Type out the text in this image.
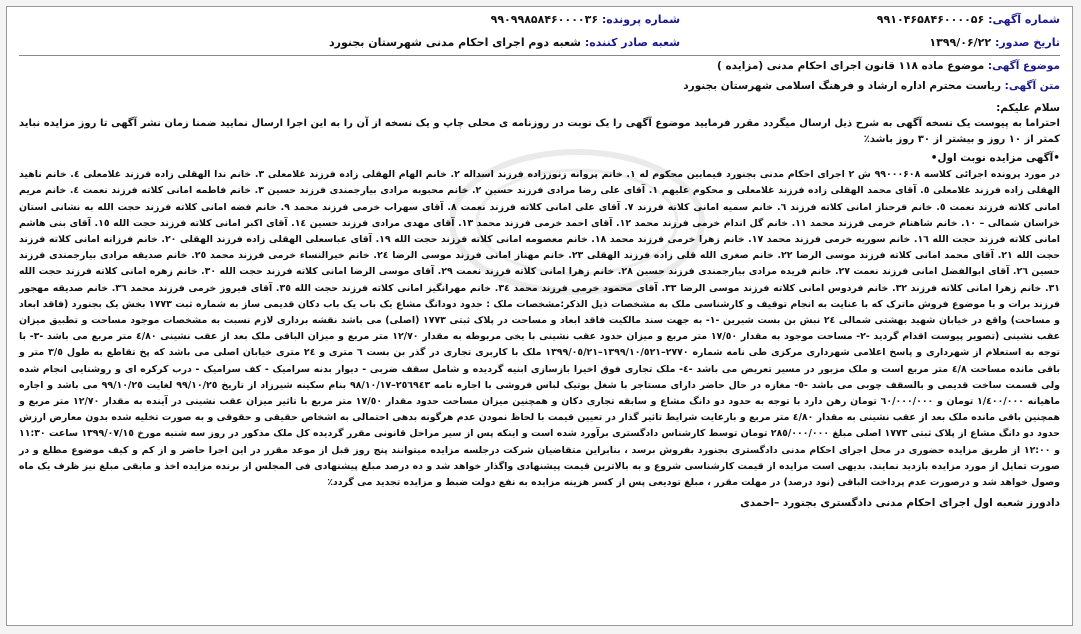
شماره آگهی: ۹۹۱۰۴۶۵۸۴۶۰۰۰۰۵۶
تاریخ صدور: ۱۳۹۹/۰۶/۲۲
شماره پرونده: ۹۹۰۹۹۸۵۸۴۶۰۰۰۰۳۶
شعبه صادر کننده: شعبه دوم اجرای احکام مدنی شهرستان بجنورد
موضوع آگهی: موضوع ماده ۱۱۸ قانون اجرای احکام مدنی (مزایده )
متن آگهی: ریاست محترم اداره ارشاد و فرهنگ اسلامی شهرستان بجنورد
سلام علیکم:
احتراما به پیوست یک نسخه آگهی به شرح ذیل ارسال میگردد مقرر فرمایید موضوع آگهی را یک نوبت در روزنامه ی محلی چاپ و یک نسخه از آن را به این اجرا ارسال نمایید ضمنا زمان نشر آگهی تا روز مزایده نباید کمتر از ۱۰ روز و بیشتر از ۳۰ روز باشد٪
•آگهی مزایده نوبت اول•
در مورد پرونده اجرائی کلاسه ۹۹۰۰۰۶۰۸ ش ۲ اجرای احکام مدنی بجنورد فیمابین محکوم له ۱. خانم پروانه زنوززاده فرزند اسداله ۲. خانم الهام الهقلی زاده فرزند غلامعلی ۳. خانم ندا الهقلی زاده فرزند غلامعلی ٤. خانم ناهید الهقلی زاده فرزند غلامعلی ٥. آقای محمد الهقلی زاده فرزند غلامعلی و محکوم علیهم ۱. آقای علی رضا مرادی فرزند حسین ۲. خانم محبوبه مرادی بیارجمندی فرزند حسین ۳. خانم فاطمه امانی کلاته فرزند نعمت ٤. خانم مریم امانی کلاته فرزند نعمت ٥. خانم فرحناز امانی کلاته فرزند ٦. خانم سمیه امانی کلاته فرزند ۷. آقای علی امانی کلاته فرزند نعمت ۸. آقای سهراب خرمی فرزند محمد ۹. خانم فضه امانی کلاته فرزند حجت الله به نشانی استان خراسان شمالی – ۱۰. خانم شاهنام خرمی فرزند محمد ۱۱. خانم گل اندام خرمی فرزند محمد ۱۲. آقای احمد خرمی فرزند محمد ۱۳. آقای مهدی مرادی فرزند حسین ۱٤. آقای اکبر امانی کلاته فرزند حجت الله ۱٥. آقای بنی هاشم امانی کلاته فرزند حجت الله ۱٦. خانم سوریه خرمی فرزند محمد ۱۷. خانم زهرا خرمی فرزند محمد ۱۸. خانم معصومه امانی کلاته فرزند حجت الله ۱۹. آقای عباسعلی الهقلی زاده فرزند الهقلی ۲۰. خانم فرزانه امانی کلاته فرزند حجت الله ۲۱. آقای محمد امانی کلاته فرزند موسی الرضا ۲۲. خانم صغری الله قلی زاده فرزند الهقلی ۲۳. خانم مهناز امانی فرزند موسی الرضا ۲٤. خانم خیرالنساء خرمی فرزند محمد ۲٥. خانم صدیقه مرادی بیارجمندی فرزند حسین ۲٦. آقای ابوالفضل امانی فرزند نعمت ۲۷. خانم فریده مرادی بیارجمندی فرزند حسین ۲۸. خانم زهرا امانی کلاته فرزند نعمت ۲۹. آقای موسی الرضا امانی کلاته فرزند حجت الله ۳۰. خانم زهره امانی کلاته فرزند حجت الله ۳۱. خانم زهرا امانی کلاته فرزند ۳۲. خانم فردوس امانی کلاته فرزند موسی الرضا ۳۳. آقای محمود خرمی فرزند محمد ۳٤. خانم مهرانگیز امانی کلاته فرزند حجت الله ۳٥. آقای فیروز خرمی فرزند محمد ۳٦. خانم صدیقه مهجور فرزند برات و با موضوع فروش ماترک که با عنایت به انجام توقیف و کارشناسی ملک به مشخصات ذیل الذکر:مشخصات ملک : حدود دودانگ مشاع یک باب یک باب دکان قدیمی ساز به شماره ثبت ۱۷۷۳ بخش یک بجنورد (فاقد ابعاد و مساحت) واقع در خیابان شهید بهشتی شمالی ۲٤ نبش بن بست شیرین -۱- به جهت سند مالکیت فاقد ابعاد و مساحت در پلاک ثبتی ۱۷۷۳ (اصلی) می باشد نقشه برداری لازم نسبت به مشخصات موجود مساحت و تطبیق میزان عقب نشینی (تصویر پیوست اقدام گردید -۲- مساحت موجود به مقدار ۱۷/٥۰ متر مربع و میزان حدود عقب نشینی با یخی مربوطه به مقدار ۱۲/۷۰ متر مربع و میزان الباقی ملک بعد از عقب نشینی ٤/۸۰ متر مربع می باشد -۳- با توجه به استعلام از شهرداری و پاسخ اعلامی شهرداری مرکزی طی نامه شماره ۲۷۷۰–۱۳۹۹/۱۰/٥۲۱–۱۳۹۹/۰٥/۲۱ ملک با کاربری تجاری در گذر بن بست ٦ متری و ۲٤ متری خیابان اصلی می باشد که پخ تقاطع به طول ۳/٥ متر و باقی مانده مساحت ٤/۸ متر مربع است و ملک مزبور در مسیر تعریض می باشد -٤- ملک تجاری فوق اخیرا بازسازی ابنیه گردیده و شامل سقف ضربی - دیوار بدنه سرامیک - کف سرامیک - درب کرکره ای و روشنایی انجام شده ولی قسمت ساخت قدیمی و بالسقف چوبی می باشد -٥- مغازه در حال حاضر دارای مستاجر با شغل بوتیک لباس فروشی با اجاره نامه ۲٥٦۹٤۳–۹۸/۱۰/۱۷ بنام سکینه شیرزاد از تاریخ ۹۹/۱۰/۲٥ لغایت ۹۹/۱۰/۲٥ می باشد و اجاره ماهیانه ۱/٤۰۰/۰۰۰ تومان و ٦۰/۰۰۰/۰۰۰ تومان رهن دارد با توجه به حدود دو دانگ مشاع و سابقه تجاری دکان و همچنین میزان مساحت حدود مقدار ۱۷/٥۰ متر مربع با تاثیر میزان عقب نشینی در آینده به مقدار ۱۲/۷۰ متر مربع و همچنین باقی مانده ملک بعد از عقب نشینی به مقدار ٤/۸۰ متر مربع و بارعایت شرایط تاثیر گذار در تعیین قیمت با لحاظ نمودن عدم هرگونه بدهی احتمالی به اشخاص حقیقی و حقوقی و به صورت تخلیه شده بدون معارض ارزش حدود دو دانگ مشاع از پلاک ثبتی ۱۷۷۳ اصلی مبلغ ۲۸٥/۰۰۰/۰۰۰ تومان توسط کارشناس دادگستری برآورد شده است و اینکه پس از سیر مراحل قانونی مقرر گردیده کل ملک مذکور در روز سه شنبه مورخ ۱۳۹۹/۰۷/۱٥ ساعت ۱۱:۳۰ و ۱۲:۰۰ از طریق مزایده حضوری در محل اجرای احکام مدنی دادگستری بجنورد بفروش برسد ، بنابراین متقاضیان شرکت درجلسه مزایده میتوانند پنج روز قبل از موعد مقرر در این اجرا حاضر و از کم و کیف موضوع مطلع و در صورت تمایل از مورد مزایده بازدید نمایند. بدیهی است مزایده از قیمت کارشناسی شروع و به بالاترین قیمت پیشنهادی واگذار خواهد شد و ده درصد مبلغ پیشنهادی فی المجلس از برنده مزایده اخذ و مابقی مبلغ نیز ظرف یک ماه وصول خواهد شد و درصورت عدم پرداخت الباقی (نود درصد) در مهلت مقرر ، مبلغ تودیعی پس از کسر هزینه مزایده به نفع دولت ضبط و مزایده تجدید می گردد٪
دادورز شعبه اول اجرای احکام مدنی دادگستری بجنورد –احمدی
